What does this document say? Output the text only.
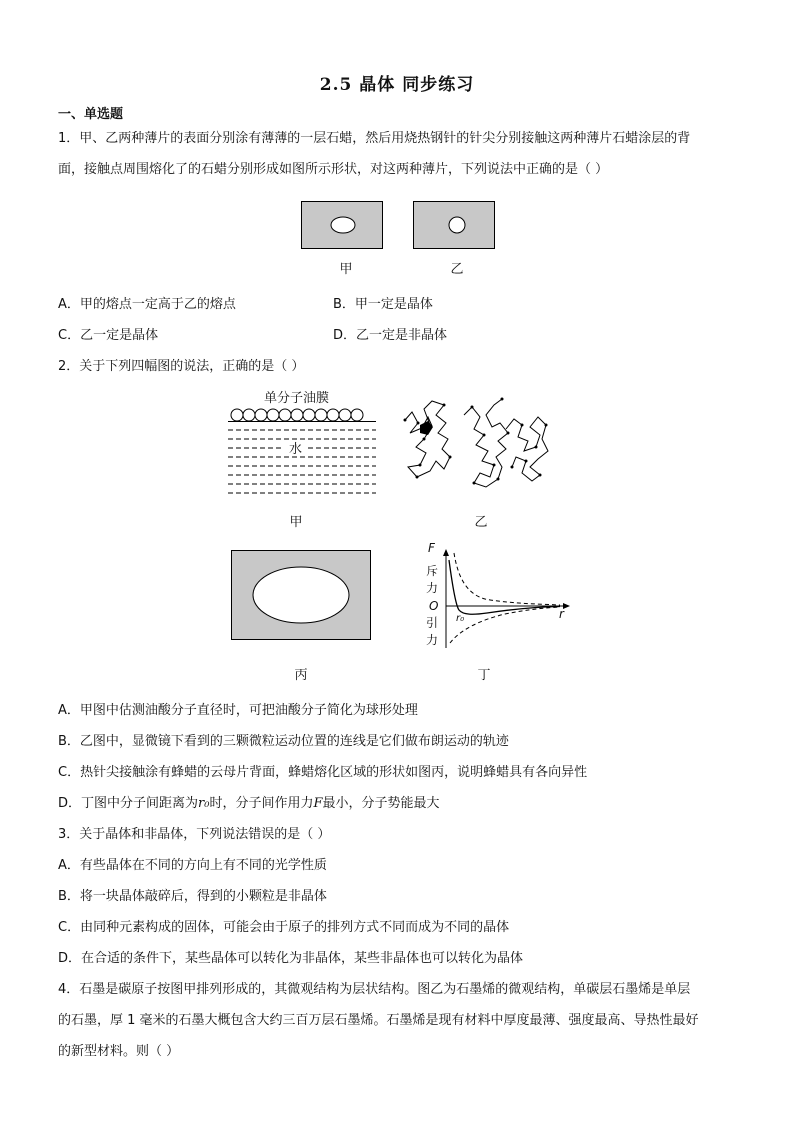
2.5 晶体 同步练习
一、单选题
1．甲、乙两种薄片的表面分别涂有薄薄的一层石蜡，然后用烧热钢针的针尖分别接触这两种薄片石蜡涂层的背
面，接触点周围熔化了的石蜡分别形成如图所示形状，对这两种薄片，下列说法中正确的是（ ）
甲	乙
A．甲的熔点一定高于乙的熔点	B．甲一定是晶体
C．乙一定是晶体	D．乙一定是非晶体
2．关于下列四幅图的说法，正确的是（ ）
单分子油膜
水
甲	乙
F
斥
力
O
引
力
r₀	r
丙	丁
A．甲图中估测油酸分子直径时，可把油酸分子简化为球形处理
B．乙图中，显微镜下看到的三颗微粒运动位置的连线是它们做布朗运动的轨迹
C．热针尖接触涂有蜂蜡的云母片背面，蜂蜡熔化区域的形状如图丙，说明蜂蜡具有各向异性
D．丁图中分子间距离为r₀时，分子间作用力F最小，分子势能最大
3．关于晶体和非晶体，下列说法错误的是（ ）
A．有些晶体在不同的方向上有不同的光学性质
B．将一块晶体敲碎后，得到的小颗粒是非晶体
C．由同种元素构成的固体，可能会由于原子的排列方式不同而成为不同的晶体
D．在合适的条件下，某些晶体可以转化为非晶体，某些非晶体也可以转化为晶体
4．石墨是碳原子按图甲排列形成的，其微观结构为层状结构。图乙为石墨烯的微观结构，单碳层石墨烯是单层
的石墨，厚 1 毫米的石墨大概包含大约三百万层石墨烯。石墨烯是现有材料中厚度最薄、强度最高、导热性最好
的新型材料。则（ ）
